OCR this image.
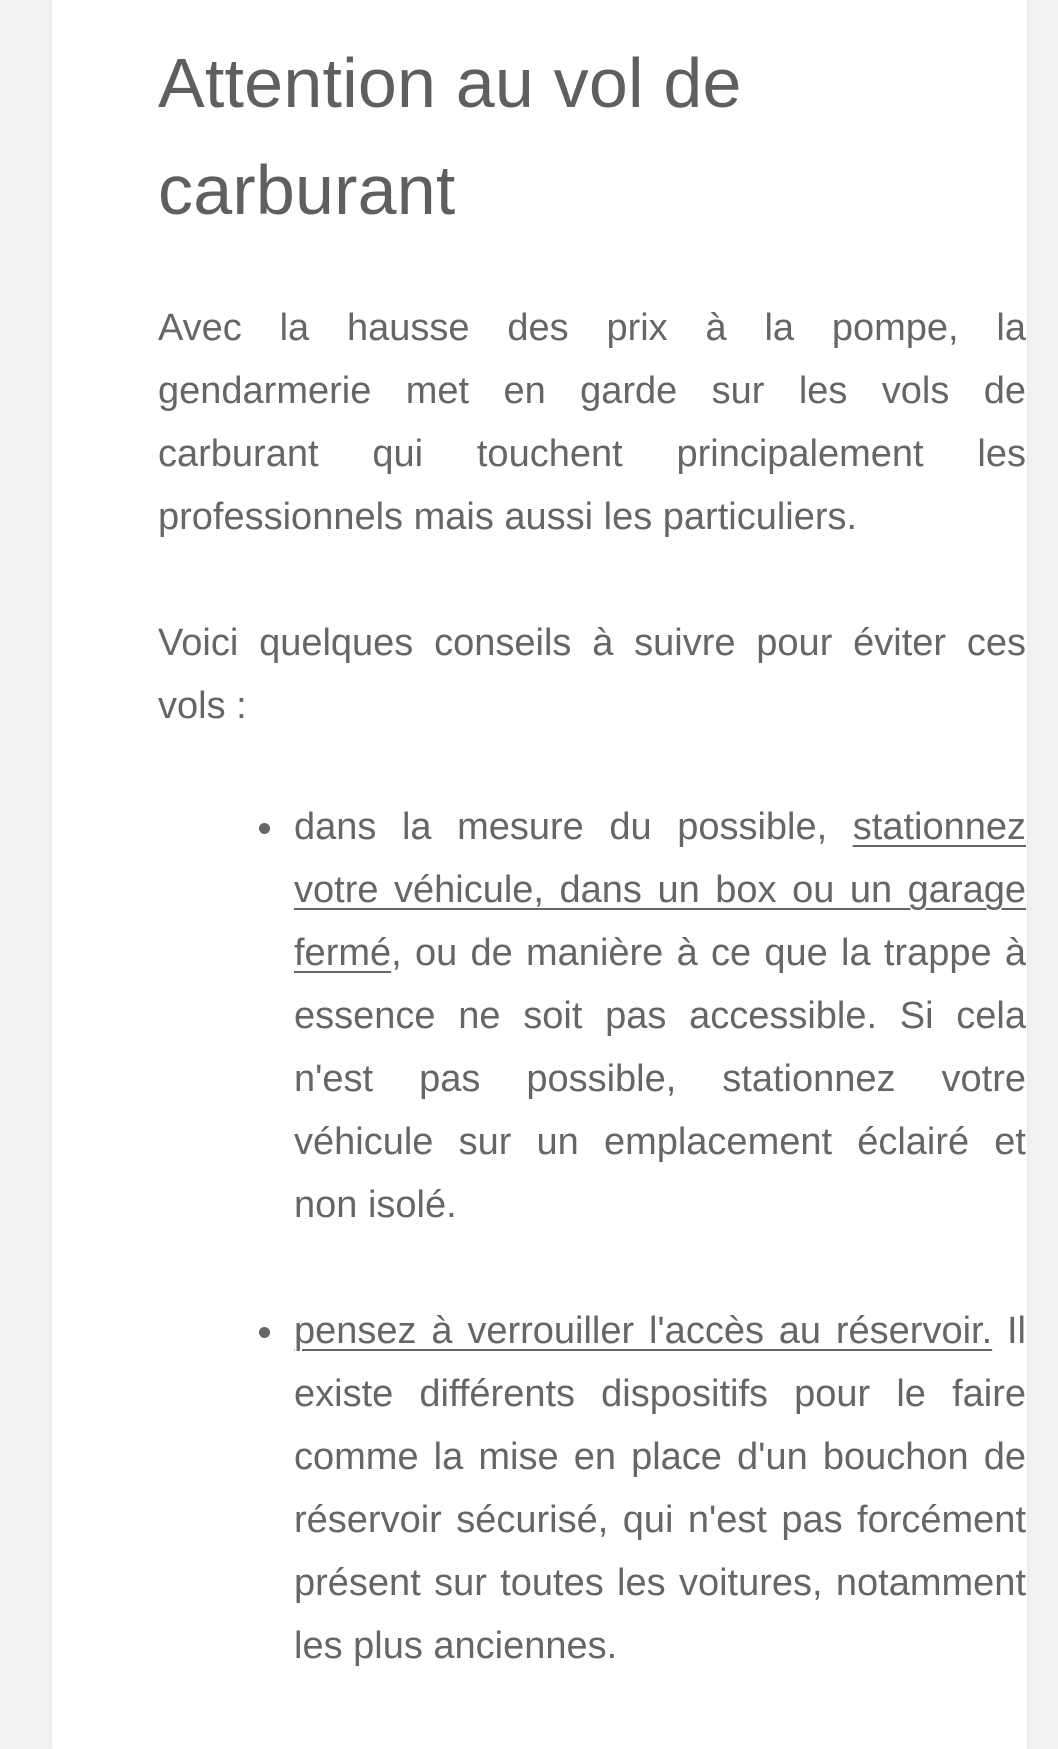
Attention au vol de carburant

Avec la hausse des prix à la pompe, la gendarmerie met en garde sur les vols de carburant qui touchent principalement les professionnels mais aussi les particuliers.

Voici quelques conseils à suivre pour éviter ces vols :

dans la mesure du possible, stationnez votre véhicule, dans un box ou un garage fermé, ou de manière à ce que la trappe à essence ne soit pas accessible. Si cela n'est pas possible, stationnez votre véhicule sur un emplacement éclairé et non isolé.
pensez à verrouiller l'accès au réservoir. Il existe différents dispositifs pour le faire comme la mise en place d'un bouchon de réservoir sécurisé, qui n'est pas forcément présent sur toutes les voitures, notamment les plus anciennes.
